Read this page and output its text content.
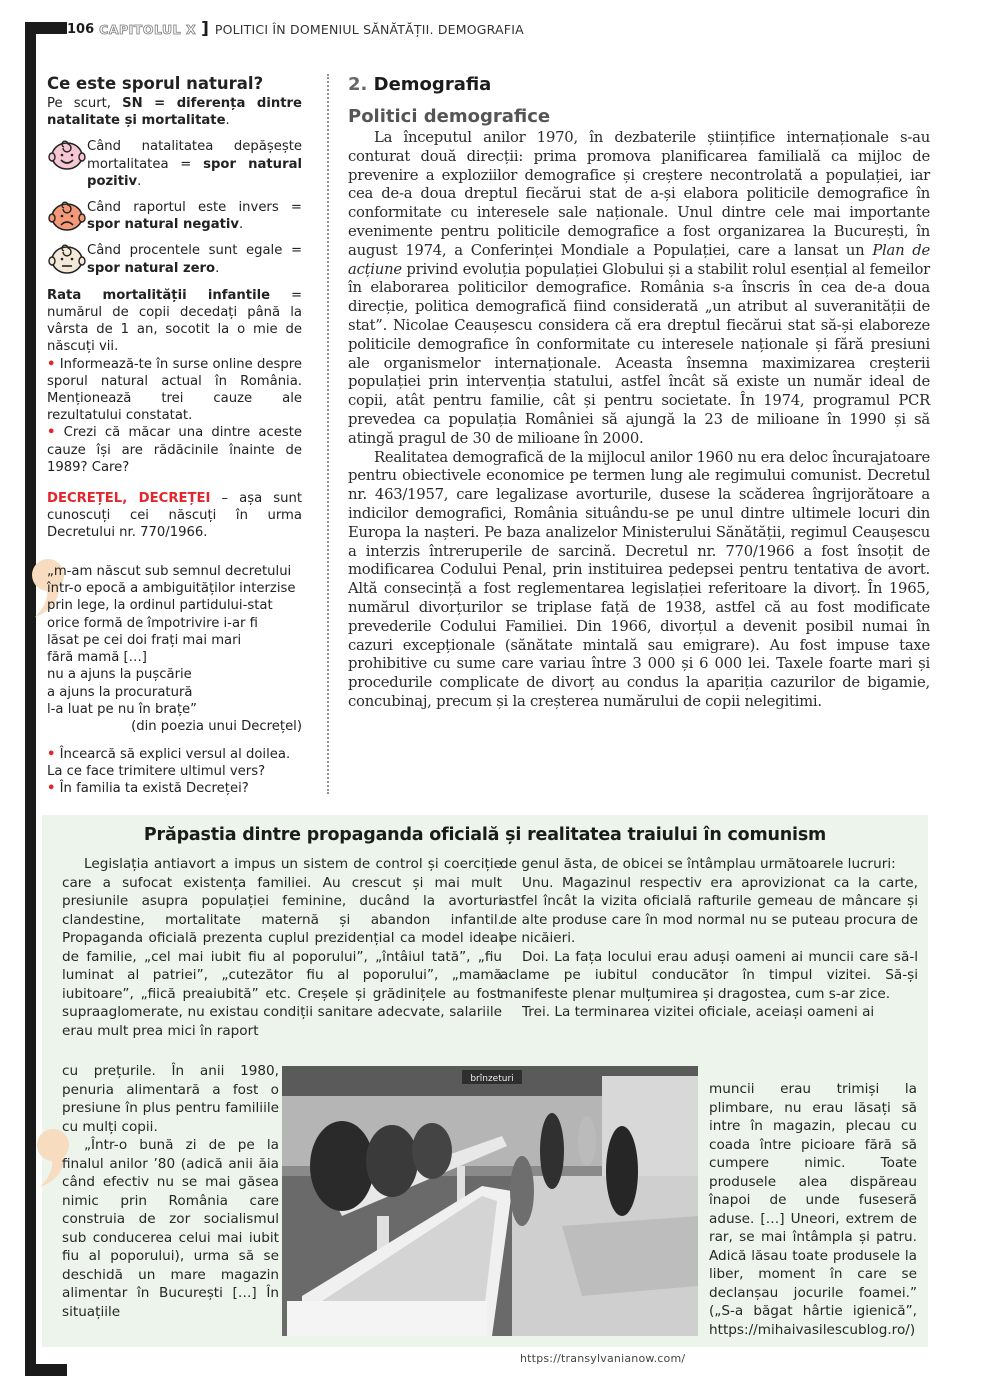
106 CAPITOLUL X ] POLITICI ÎN DOMENIUL SĂNĂTĂȚII. DEMOGRAFIA
Ce este sporul natural?

Pe scurt, SN = diferența dintre natalitate și mortalitate.

Când natalitatea depășește mortalitatea = spor natural pozitiv.

Când raportul este invers = spor natural negativ.

Când procentele sunt egale = spor natural zero.

Rata mortalității infantile = numărul de copii decedați până la vârsta de 1 an, socotit la o mie de născuți vii.

• Informează-te în surse online despre sporul natural actual în România. Menționează trei cauze ale rezultatului constatat.

• Crezi că măcar una dintre aceste cauze își are rădăcinile înainte de 1989? Care?

DECREȚEL, DECREȚEI – așa sunt cunoscuți cei născuți în urma Decretului nr. 770/1966.

„m-am născut sub semnul decretului

într-o epocă a ambiguităților interzise

prin lege, la ordinul partidului-stat

orice formă de împotrivire i-ar fi

lăsat pe cei doi frați mai mari

fără mamă […]

nu a ajuns la pușcărie

a ajuns la procuratură

l-a luat pe nu în brațe”

(din poezia unui Decrețel)

• Încearcă să explici versul al doilea. La ce face trimitere ultimul vers?

• În familia ta există Decreței?

2. Demografia
Politici demografice

La începutul anilor 1970, în dezbaterile științifice internaționale s-au conturat două direcții: prima promova planificarea familială ca mijloc de prevenire a exploziilor demografice și creștere necontrolată a populației, iar cea de-a doua dreptul fiecărui stat de a-și elabora politicile demografice în conformitate cu interesele sale naționale. Unul dintre cele mai importante evenimente pentru politicile demografice a fost organizarea la București, în august 1974, a Conferinței Mondiale a Populației, care a lansat un Plan de acțiune privind evoluția populației Globului și a stabilit rolul esențial al femeilor în elaborarea politicilor demografice. România s-a înscris în cea de-a doua direcție, politica demografică fiind considerată „un atribut al suveranității de stat”. Nicolae Ceaușescu considera că era dreptul fiecărui stat să-și elaboreze politicile demografice în conformitate cu interesele naționale și fără presiuni ale organismelor internaționale. Aceasta însemna maximizarea creșterii populației prin intervenția statului, astfel încât să existe un număr ideal de copii, atât pentru familie, cât și pentru societate. În 1974, programul PCR prevedea ca populația României să ajungă la 23 de milioane în 1990 și să atingă pragul de 30 de milioane în 2000.

Realitatea demografică de la mijlocul anilor 1960 nu era deloc încurajatoare pentru obiectivele economice pe termen lung ale regimului comunist. Decretul nr. 463/1957, care legalizase avorturile, dusese la scăderea îngrijorătoare a indicilor demografici, România situându-se pe unul dintre ultimele locuri din Europa la nașteri. Pe baza analizelor Ministerului Sănătății, regimul Ceaușescu a interzis întreruperile de sarcină. Decretul nr. 770/1966 a fost însoțit de modificarea Codului Penal, prin instituirea pedepsei pentru tentativa de avort. Altă consecință a fost reglementarea legislației referitoare la divorț. În 1965, numărul divorțurilor se triplase față de 1938, astfel că au fost modificate prevederile Codului Familiei. Din 1966, divorțul a devenit posibil numai în cazuri excepționale (sănătate mintală sau emigrare). Au fost impuse taxe prohibitive cu sume care variau între 3 000 și 6 000 lei. Taxele foarte mari și procedurile complicate de divorț au condus la apariția cazurilor de bigamie, concubinaj, precum și la creșterea numărului de copii nelegitimi.

Prăpastia dintre propaganda oficială și realitatea traiului în comunism

Legislația antiavort a impus un sistem de control și coerciție care a sufocat existența familiei. Au crescut și mai mult presiunile asupra populației feminine, ducând la avorturi clandestine, mortalitate maternă și abandon infantil. Propaganda oficială prezenta cuplul prezidențial ca model ideal de familie, „cel mai iubit fiu al poporului”, „întâiul tată”, „fiu luminat al patriei”, „cutezător fiu al poporului”, „mamă iubitoare”, „fiică preaiubită” etc. Creșele și grădinițele au fost supraaglomerate, nu existau condiții sanitare adecvate, salariile erau mult prea mici în raport

de genul ăsta, de obicei se întâmplau următoarele lucruri:

Unu. Magazinul respectiv era aprovizionat ca la carte, astfel încât la vizita oficială rafturile gemeau de mâncare și de alte produse care în mod normal nu se puteau procura de pe nicăieri.

Doi. La fața locului erau aduși oameni ai muncii care să-l aclame pe iubitul conducător în timpul vizitei. Să-și manifeste plenar mulțumirea și dragostea, cum s-ar zice.

Trei. La terminarea vizitei oficiale, aceiași oameni ai

cu prețurile. În anii 1980, penuria alimentară a fost o presiune în plus pentru familiile cu mulți copii.

„Într-o bună zi de pe la finalul anilor ’80 (adică anii ăia când efectiv nu se mai găsea nimic prin România care construia de zor socialismul sub conducerea celui mai iubit fiu al poporului), urma să se deschidă un mare magazin alimentar în București […] În situațiile

brînzeturi

muncii erau trimiși la plimbare, nu erau lăsați să intre în magazin, plecau cu coada între picioare fără să cumpere nimic. Toate produsele alea dispăreau înapoi de unde fuseseră aduse. […] Uneori, extrem de rar, se mai întâmpla și patru. Adică lăsau toate produsele la liber, moment în care se declanșau jocurile foamei.” („S-a băgat hârtie igienică”, https://mihaivasilescublog.ro/)

https://transylvanianow.com/
